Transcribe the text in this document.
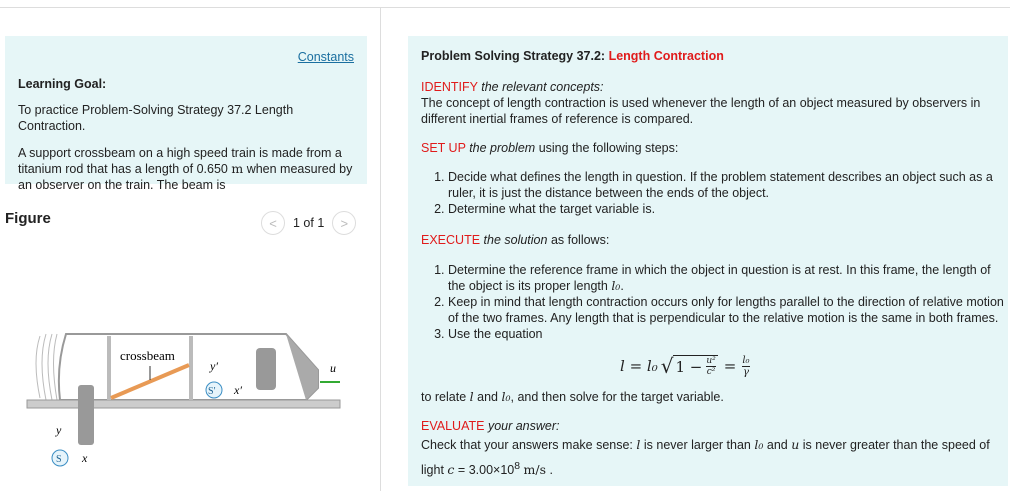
Constants
Learning Goal:
To practice Problem-Solving Strategy 37.2 Length Contraction.
A support crossbeam on a high speed train is made from a titanium rod that has a length of 0.650 m when measured by an observer on the train. The beam is
Figure	<	1 of 1	>
crossbeam
S′
y′
x′
u
S
y
x
Problem Solving Strategy 37.2: Length Contraction
IDENTIFY the relevant concepts:
The concept of length contraction is used whenever the length of an object measured by observers in different inertial frames of reference is compared.
SET UP the problem using the following steps:
1. Decide what defines the length in question. If the problem statement describes an object such as a ruler, it is just the distance between the ends of the object.
2. Determine what the target variable is.
EXECUTE the solution as follows:
1. Determine the reference frame in which the object in question is at rest. In this frame, the length of the object is its proper length l₀.
2. Keep in mind that length contraction occurs only for lengths parallel to the direction of relative motion of the two frames. Any length that is perpendicular to the relative motion is the same in both frames.
3. Use the equation
l = l₀ √ $1 - \frac{\text{u²}}{\text{c²}} = \frac{\text{l₀}}{\gamma}$
to relate l and l₀, and then solve for the target variable.
EVALUATE your answer:
Check that your answers make sense: l is never larger than l₀ and u is never greater than the speed of light $c = 3.00\times 10^8$ m/s .
